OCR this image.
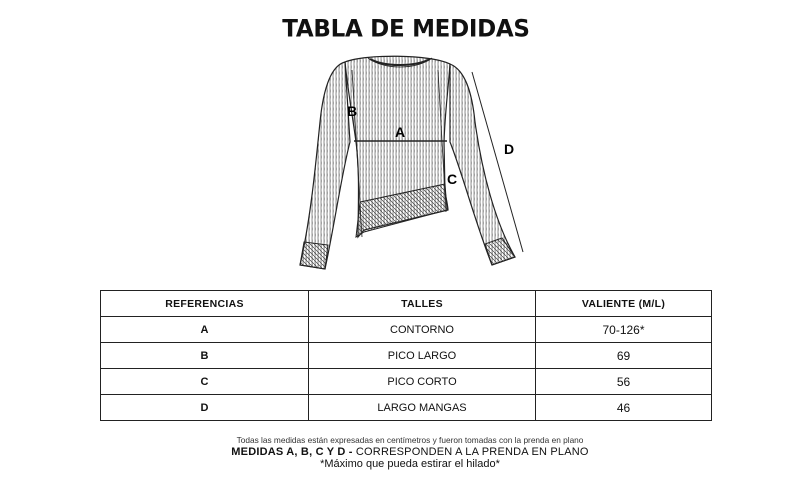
TABLA DE MEDIDAS
A
B
C
D
REFERENCIAS	TALLES	VALIENTE (M/L)
A	CONTORNO	70-126*
B	PICO LARGO	69
C	PICO CORTO	56
D	LARGO MANGAS	46
Todas las medidas están expresadas en centímetros y fueron tomadas con la prenda en plano
MEDIDAS A, B, C Y D - CORRESPONDEN A LA PRENDA EN PLANO
*Máximo que pueda estirar el hilado*
